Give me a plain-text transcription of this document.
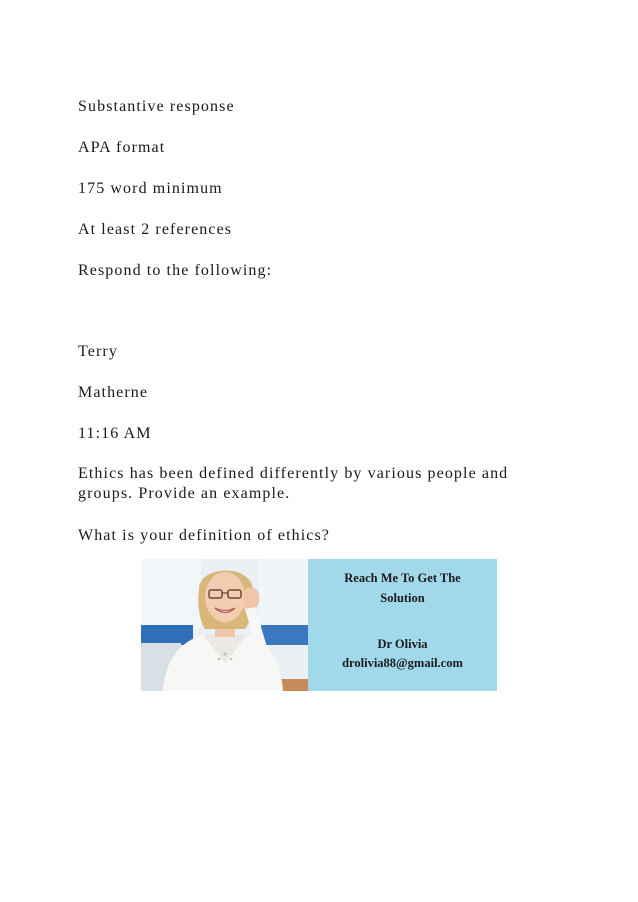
Substantive response
APA format
175 word minimum
At least 2 references
Respond to the following:
Terry
Matherne
11:16 AM
Ethics has been defined differently by various people and
groups. Provide an example.
What is your definition of ethics?
Reach Me To Get The
Solution
Dr Olivia
drolivia88@gmail.com
